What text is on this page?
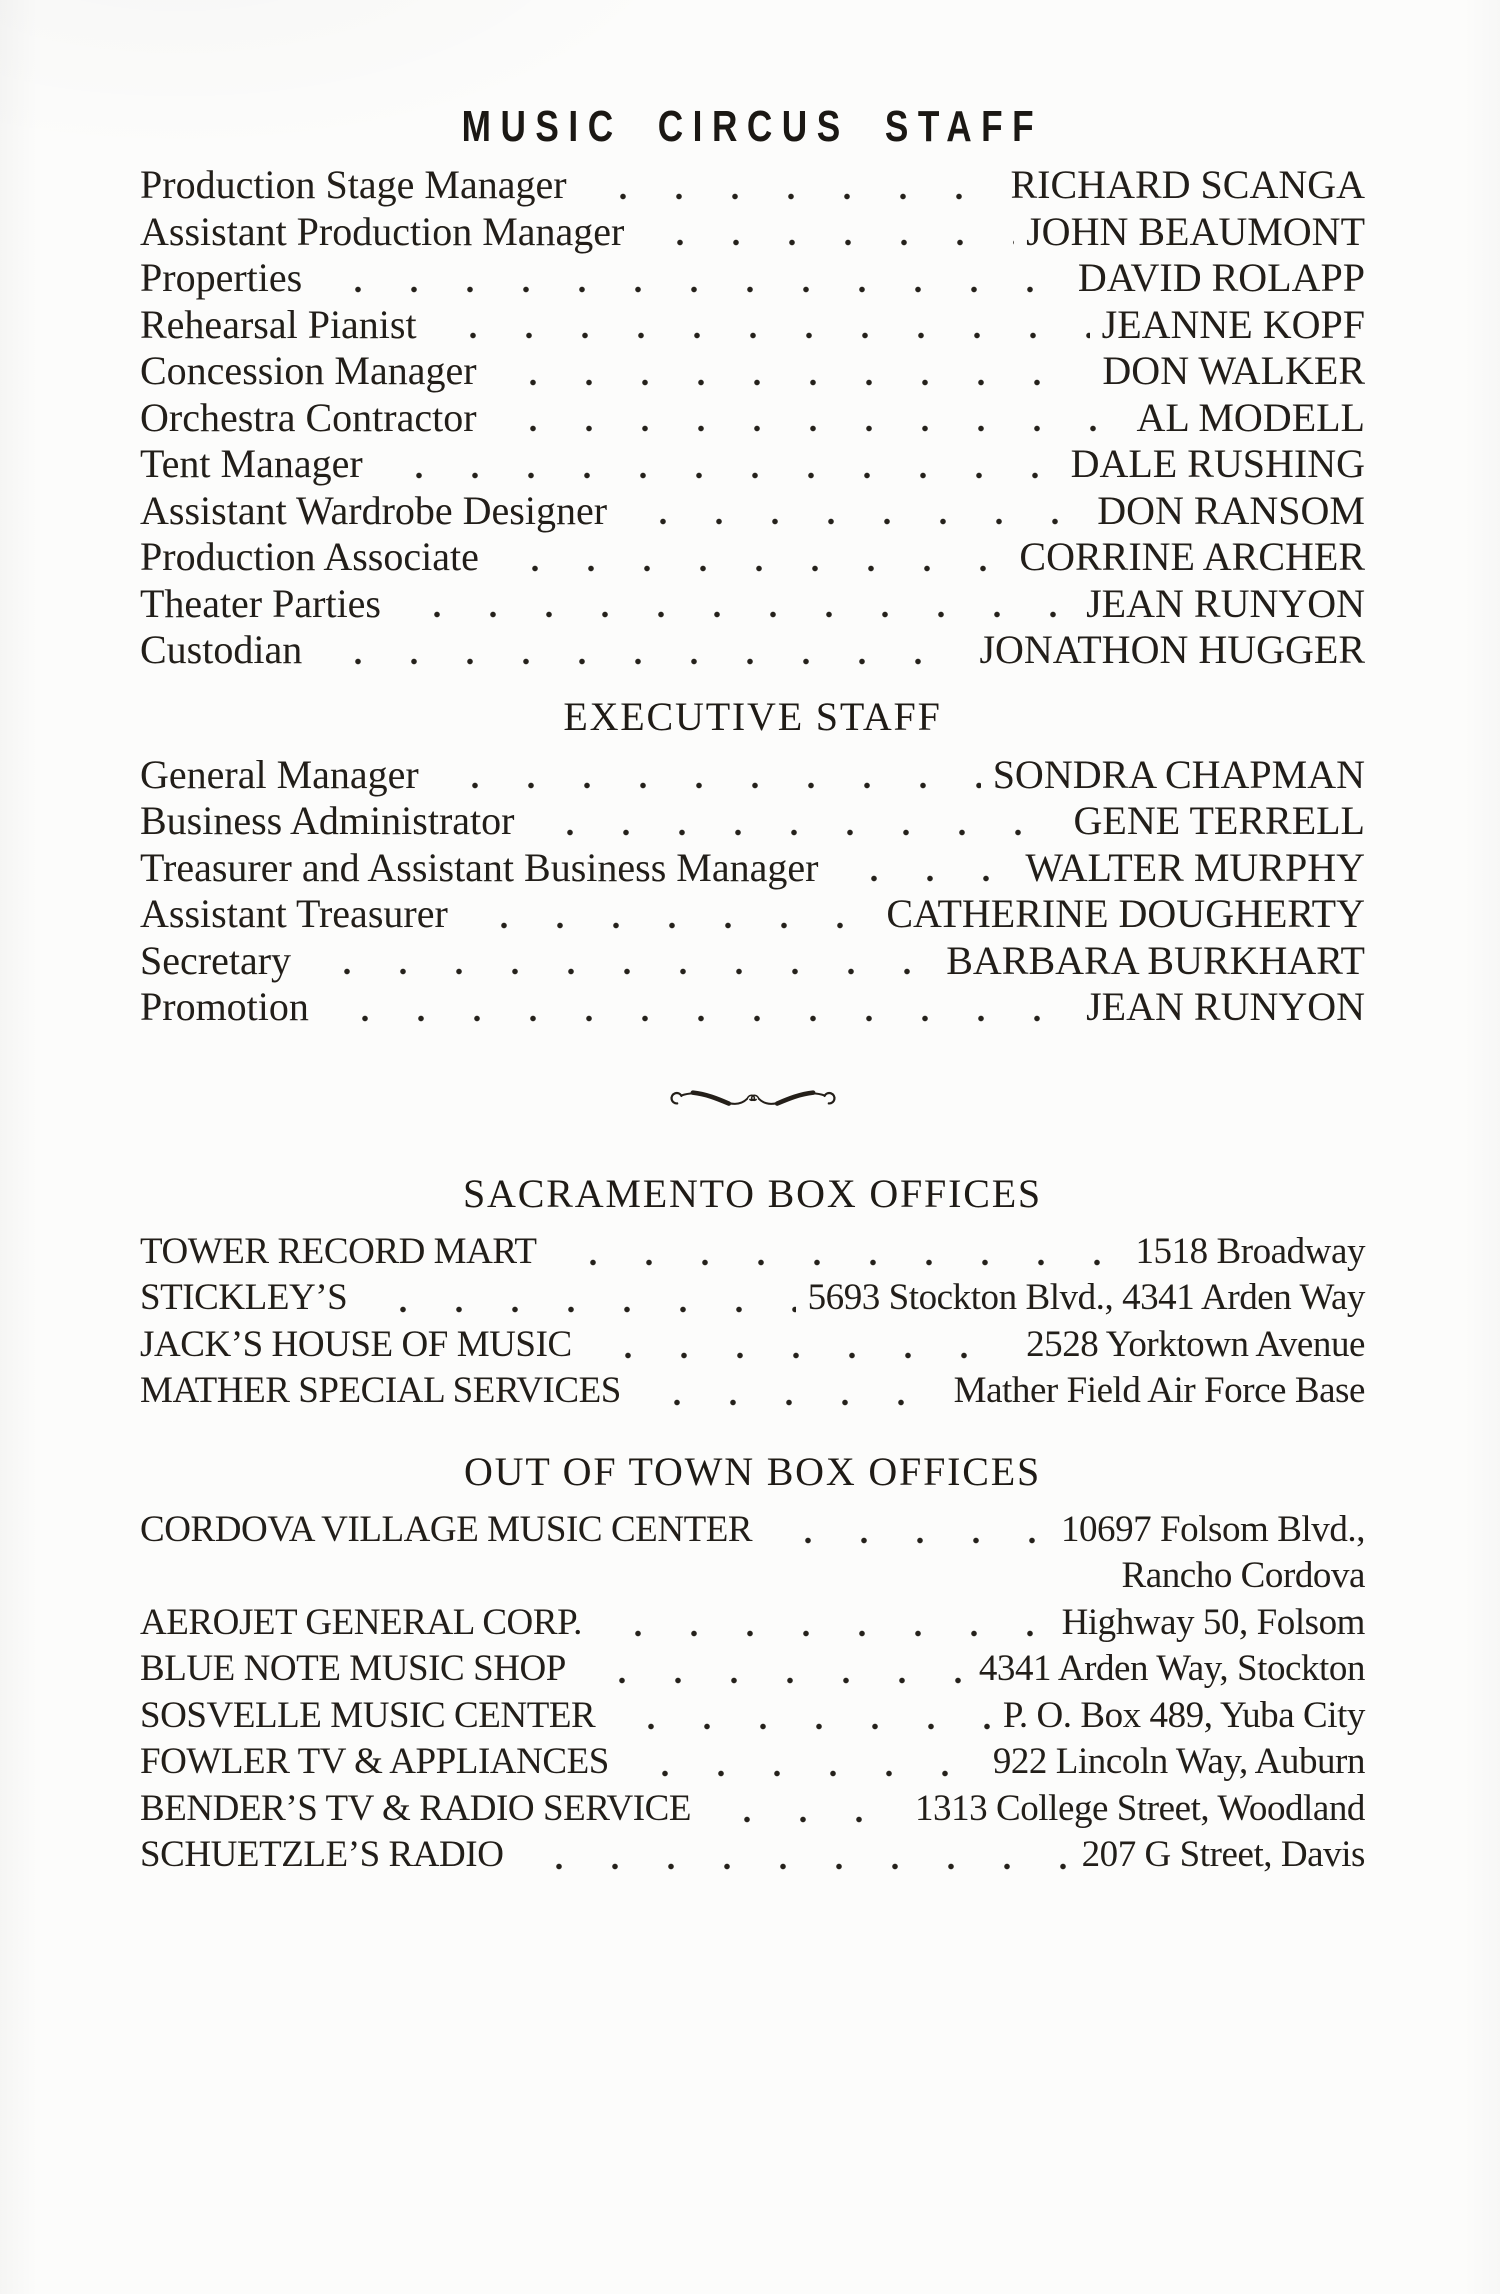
MUSIC CIRCUS STAFF
Production Stage Manager	RICHARD SCANGA
Assistant Production Manager	JOHN BEAUMONT
Properties	DAVID ROLAPP
Rehearsal Pianist	JEANNE KOPF
Concession Manager	DON WALKER
Orchestra Contractor	AL MODELL
Tent Manager	DALE RUSHING
Assistant Wardrobe Designer	DON RANSOM
Production Associate	CORRINE ARCHER
Theater Parties	JEAN RUNYON
Custodian	JONATHON HUGGER
EXECUTIVE STAFF
General Manager	SONDRA CHAPMAN
Business Administrator	GENE TERRELL
Treasurer and Assistant Business Manager	WALTER MURPHY
Assistant Treasurer	CATHERINE DOUGHERTY
Secretary	BARBARA BURKHART
Promotion	JEAN RUNYON
SACRAMENTO BOX OFFICES
TOWER RECORD MART	1518 Broadway
STICKLEY’S	5693 Stockton Blvd., 4341 Arden Way
JACK’S HOUSE OF MUSIC	2528 Yorktown Avenue
MATHER SPECIAL SERVICES	Mather Field Air Force Base
OUT OF TOWN BOX OFFICES
CORDOVA VILLAGE MUSIC CENTER	10697 Folsom Blvd.,
Rancho Cordova
AEROJET GENERAL CORP.	Highway 50, Folsom
BLUE NOTE MUSIC SHOP	4341 Arden Way, Stockton
SOSVELLE MUSIC CENTER	P. O. Box 489, Yuba City
FOWLER TV & APPLIANCES	922 Lincoln Way, Auburn
BENDER’S TV & RADIO SERVICE	1313 College Street, Woodland
SCHUETZLE’S RADIO	207 G Street, Davis
